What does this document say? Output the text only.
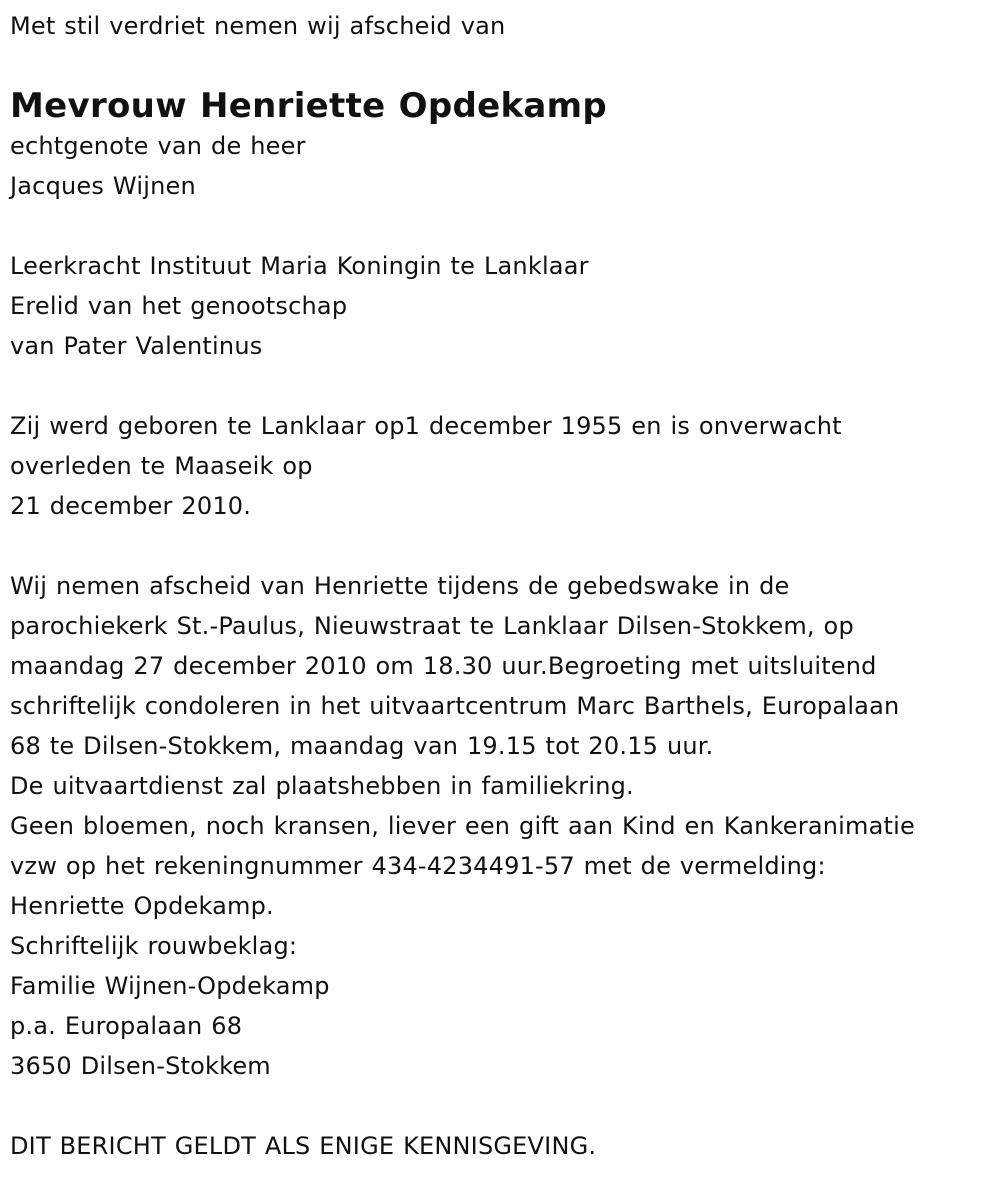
Met stil verdriet nemen wij afscheid van
Mevrouw Henriette Opdekamp
echtgenote van de heer
Jacques Wijnen
Leerkracht Instituut Maria Koningin te Lanklaar
Erelid van het genootschap
van Pater Valentinus
Zij werd geboren te Lanklaar op1 december 1955 en is onverwacht
overleden te Maaseik op
21 december 2010.
Wij nemen afscheid van Henriette tijdens de gebedswake in de
parochiekerk St.-Paulus, Nieuwstraat te Lanklaar Dilsen-Stokkem, op
maandag 27 december 2010 om 18.30 uur.Begroeting met uitsluitend
schriftelijk condoleren in het uitvaartcentrum Marc Barthels, Europalaan
68 te Dilsen-Stokkem, maandag van 19.15 tot 20.15 uur.
De uitvaartdienst zal plaatshebben in familiekring.
Geen bloemen, noch kransen, liever een gift aan Kind en Kankeranimatie
vzw op het rekeningnummer 434-4234491-57 met de vermelding:
Henriette Opdekamp.
Schriftelijk rouwbeklag:
Familie Wijnen-Opdekamp
p.a. Europalaan 68
3650 Dilsen-Stokkem
DIT BERICHT GELDT ALS ENIGE KENNISGEVING.
